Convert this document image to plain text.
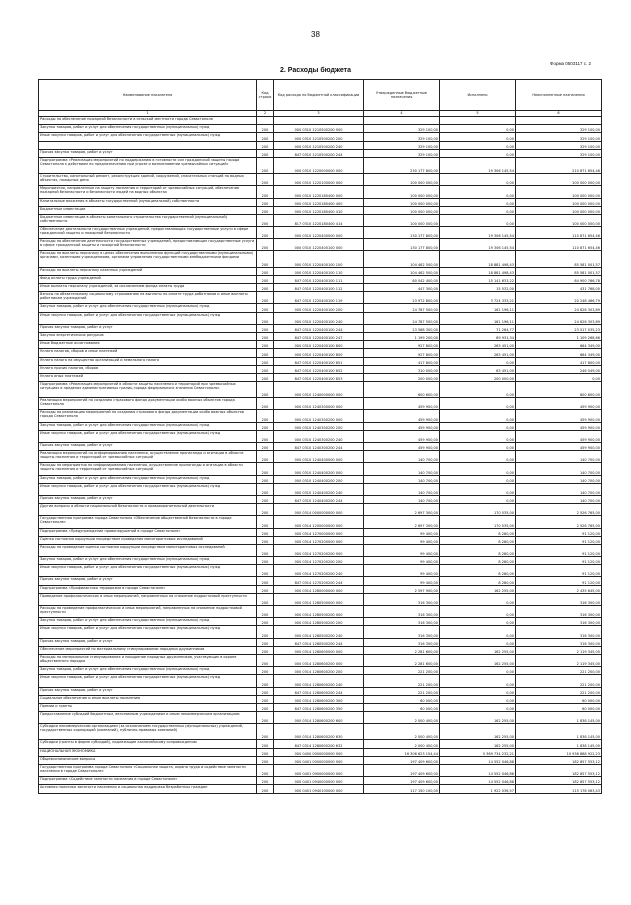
38
Форма 0503117 с. 2
2. Расходы бюджета
Наименование показателя	Код строки	Код расхода по бюджетной классификации	Утвержденные бюджетные назначения	Исполнено	Неисполненные назначения
1	2	3	4	5	6
Расходы на обеспечение пожарной безопасности в сельской местности города Севастополя					
Закупка товаров, работ и услуг для обеспечения государственных (муниципальных) нужд	200	000 0310 1210500200 000	329 100,00	0,00	329 100,00
Иные закупки товаров, работ и услуг для обеспечения государственных (муниципальных) нужд	200	000 0310 1210500200 200	329 100,00	0,00	329 100,00
	200	000 0310 1210500200 240	329 100,00	0,00	329 100,00
Прочая закупка товаров, работ и услуг	200	847 0310 1210500200 244	329 100,00	0,00	329 100,00
Подпрограмма «Реализация мероприятий по поддержанию в готовности сил гражданской защиты города Севастополя к действиям по предназначению при угрозе и возникновении чрезвычайных ситуаций»	200	000 0310 1220000000 000	230 177 800,00	19 306 145,54	210 871 654,46
Строительство, капитальный ремонт, реконструкция зданий, сооружений, спасательных станций на водных объектах, пожарных депо	200	000 0310 1220100000 000	100 000 000,00	0,00	100 000 000,00
Мероприятия, направленные на защиту населения и территорий от чрезвычайных ситуаций, обеспечение пожарной безопасности и безопасности людей на водных объектах	200	000 0310 1220180400 000	100 000 000,00	0,00	100 000 000,00
Капитальные вложения в объекты государственной (муниципальной) собственности	200	000 0310 1220180400 400	100 000 000,00	0,00	100 000 000,00
Бюджетные инвестиции	200	000 0310 1220180400 410	100 000 000,00	0,00	100 000 000,00
Бюджетные инвестиции в объекты капитального строительства государственной (муниципальной) собственности	200	817 0310 1220180400 414	100 000 000,00	0,00	100 000 000,00
Обеспечение деятельности государственных учреждений, предоставляющих государственные услуги в сфере гражданской защиты и пожарной безопасности	200	000 0310 1220400000 000	130 177 800,00	19 306 145,54	110 871 654,46
Расходы на обеспечение деятельности государственных учреждений, предоставляющих государственные услуги в сфере гражданской защиты и пожарной безопасности	200	000 0310 1220400100 000	130 177 800,00	19 306 145,54	110 871 654,46
Расходы на выплаты персоналу в целях обеспечения выполнения функций государственными (муниципальными) органами, казенными учреждениями, органами управления государственными внебюджетными фондами	200	000 0310 1220400100 100	104 462 500,00	18 881 498,43	85 581 001,57
Расходы на выплаты персоналу казенных учреждений	200	000 0310 1220400100 110	104 462 500,00	18 881 498,43	85 581 001,57
Фонд оплаты труда учреждений	200	847 0310 1220400100 111	80 042 400,00	15 141 633,22	64 900 766,78
Иные выплаты персоналу учреждений, за исключением фонда оплаты труда	200	847 0310 1220400100 112	447 300,00	15 532,00	431 768,00
Взносы по обязательному социальному страхованию на выплаты по оплате труда работников и иные выплаты работникам учреждений	200	847 0310 1220400100 119	23 972 800,00	3 724 333,21	20 248 466,79
Закупка товаров, работ и услуг для обеспечения государственных (муниципальных) нужд	200	000 0310 1220400100 200	24 787 500,00	161 196,11	24 626 303,89
Иные закупки товаров, работ и услуг для обеспечения государственных (муниципальных) нужд	200	000 0310 1220400100 240	24 787 500,00	161 196,11	24 626 303,89
Прочая закупка товаров, работ и услуг	200	847 0310 1220400100 244	23 588 300,00	71 264,77	23 517 035,23
Закупка энергетических ресурсов	200	847 0310 1220400100 247	1 199 200,00	89 931,34	1 109 268,66
Иные бюджетные ассигнования	200	000 0310 1220400100 800	927 800,00	263 451,00	664 349,00
Уплата налогов, сборов и иных платежей	200	000 0310 1220400100 850	927 800,00	263 451,00	664 349,00
Уплата налога на имущество организаций и земельного налога	200	847 0310 1220400100 851	417 800,00	0,00	417 800,00
Уплата прочих налогов, сборов	200	847 0310 1220400100 852	310 000,00	63 451,00	246 549,00
Уплата иных платежей	200	847 0310 1220400100 853	200 000,00	200 000,00	0,00
Подпрограмма «Реализация мероприятий в области защиты населения и территорий при чрезвычайных ситуациях в пределах административных границ города федерального значения Севастополя»	200	000 0310 1240000000 000	600 600,00	0,00	600 600,00
Реализация мероприятий по созданию страхового фонда документации особо важных объектов города Севастополя	200	000 0310 1240300000 000	459 900,00	0,00	459 900,00
Расходы на реализацию мероприятий по созданию страхового фонда документации особо важных объектов города Севастополя	200	000 0310 1240300200 000	459 900,00	0,00	459 900,00
Закупка товаров, работ и услуг для обеспечения государственных (муниципальных) нужд	200	000 0310 1240300200 200	459 900,00	0,00	459 900,00
Иные закупки товаров, работ и услуг для обеспечения государственных (муниципальных) нужд	200	000 0310 1240300200 240	459 900,00	0,00	459 900,00
Прочая закупка товаров, работ и услуг	200	847 0310 1240300200 244	459 900,00	0,00	459 900,00
Реализация мероприятий по информированию населения, осуществление пропаганды и агитации в области защиты населения и территорий от чрезвычайных ситуаций	200	000 0310 1240400000 000	140 700,00	0,00	140 700,00
Расходы на мероприятия по информированию населения, осуществление пропаганды и агитации в области защиты населения и территорий от чрезвычайных ситуаций	200	000 0310 1240400200 000	140 700,00	0,00	140 700,00
Закупка товаров, работ и услуг для обеспечения государственных (муниципальных) нужд	200	000 0310 1240400200 200	140 700,00	0,00	140 700,00
Иные закупки товаров, работ и услуг для обеспечения государственных (муниципальных) нужд	200	000 0310 1240400200 240	140 700,00	0,00	140 700,00
Прочая закупка товаров, работ и услуг	200	847 0310 1240400200 244	140 700,00	0,00	140 700,00
Другие вопросы в области национальной безопасности и правоохранительной деятельности	200	000 0314 0000000000 000	2 697 300,00	170 535,00	2 526 765,00
Государственная программа города Севастополя «Обеспечение общественной безопасности в городе Севастополе»	200	000 0314 1200000000 000	2 697 300,00	170 535,00	2 526 765,00
Подпрограмма «Предупреждение правонарушений в городе Севастополе»	200	000 0314 1270000000 000	99 400,00	8 280,00	91 120,00
Оценка состояния коррупции посредством проведения мониторинговых исследований	200	000 0314 1270200000 000	99 400,00	8 280,00	91 120,00
Расходы на проведение оценки состояния коррупции посредством мониторинговых исследований	200	000 0314 1270200200 000	99 400,00	8 280,00	91 120,00
Закупка товаров, работ и услуг для обеспечения государственных (муниципальных) нужд	200	000 0314 1270200200 200	99 400,00	8 280,00	91 120,00
Иные закупки товаров, работ и услуг для обеспечения государственных (муниципальных) нужд	200	000 0314 1270200200 240	99 400,00	8 280,00	91 120,00
Прочая закупка товаров, работ и услуг	200	847 0314 1270200200 244	99 400,00	8 280,00	91 120,00
Подпрограмма «Профилактика терроризма в городе Севастополе»	200	000 0314 1280000000 000	2 597 900,00	162 255,00	2 435 645,00
Проведение профилактических и иных мероприятий, направленных на снижение подростковой преступности	200	000 0314 1280500000 000	316 300,00	0,00	316 300,00
Расходы на проведение профилактических и иных мероприятий, направленных на снижение подростковой преступности	200	000 0314 1280500200 000	316 300,00	0,00	316 300,00
Закупка товаров, работ и услуг для обеспечения государственных (муниципальных) нужд	200	000 0314 1280500200 200	316 300,00	0,00	316 300,00
Иные закупки товаров, работ и услуг для обеспечения государственных (муниципальных) нужд	200	000 0314 1280500200 240	316 300,00	0,00	316 300,00
Прочая закупка товаров, работ и услуг	200	847 0314 1280500200 244	316 300,00	0,00	316 300,00
Обеспечение мероприятий по материальному стимулированию народных дружинников	200	000 0314 1280600000 000	2 281 600,00	162 255,00	2 119 345,00
Расходы на материальное стимулирование и поощрение народных дружинников, участвующих в охране общественного порядка	200	000 0314 1280600200 000	2 281 600,00	162 255,00	2 119 345,00
Закупка товаров, работ и услуг для обеспечения государственных (муниципальных) нужд	200	000 0314 1280600200 200	221 200,00	0,00	221 200,00
Иные закупки товаров, работ и услуг для обеспечения государственных (муниципальных) нужд	200	000 0314 1280600200 240	221 200,00	0,00	221 200,00
Прочая закупка товаров, работ и услуг	200	847 0314 1280600200 244	221 200,00	0,00	221 200,00
Социальное обеспечение и иные выплаты населению	200	000 0314 1280600200 300	60 000,00	0,00	60 000,00
Премии и гранты	200	847 0314 1280600200 350	60 000,00	0,00	60 000,00
Предоставление субсидий бюджетным, автономным учреждениям и иным некоммерческим организациям	200	000 0314 1280600200 600	2 000 400,00	162 255,00	1 838 145,00
Субсидии некоммерческим организациям (за исключением государственных (муниципальных) учреждений, государственных корпораций (компаний), публично-правовых компаний)	200	000 0314 1280600200 630	2 000 400,00	162 255,00	1 838 145,00
Субсидии (гранты в форме субсидий), подлежащие казначейскому сопровождению	200	847 0314 1280600200 632	2 000 400,00	162 255,00	1 838 145,00
НАЦИОНАЛЬНАЯ ЭКОНОМИКА	200	000 0400 0000000000 000	16 306 623 154,44	5 369 734 232,21	10 936 888 922,23
Общеэкономические вопросы	200	000 0401 0000000000 000	197 409 600,00	14 552 046,88	182 857 553,12
Государственная программа города Севастополя «Социальная защита, охрана труда и содействие занятости населения в городе Севастополе»	200	000 0401 0900000000 000	197 409 600,00	14 552 046,88	182 857 553,12
Подпрограмма «Содействие занятости населения в городе Севастополе»	200	000 0401 0940000000 000	197 409 600,00	14 552 046,88	182 857 553,12
Активная политика занятости населения и социальная поддержка безработных граждан	200	000 0401 0940100000 000	117 150 100,00	1 922 036,57	115 178 063,43
